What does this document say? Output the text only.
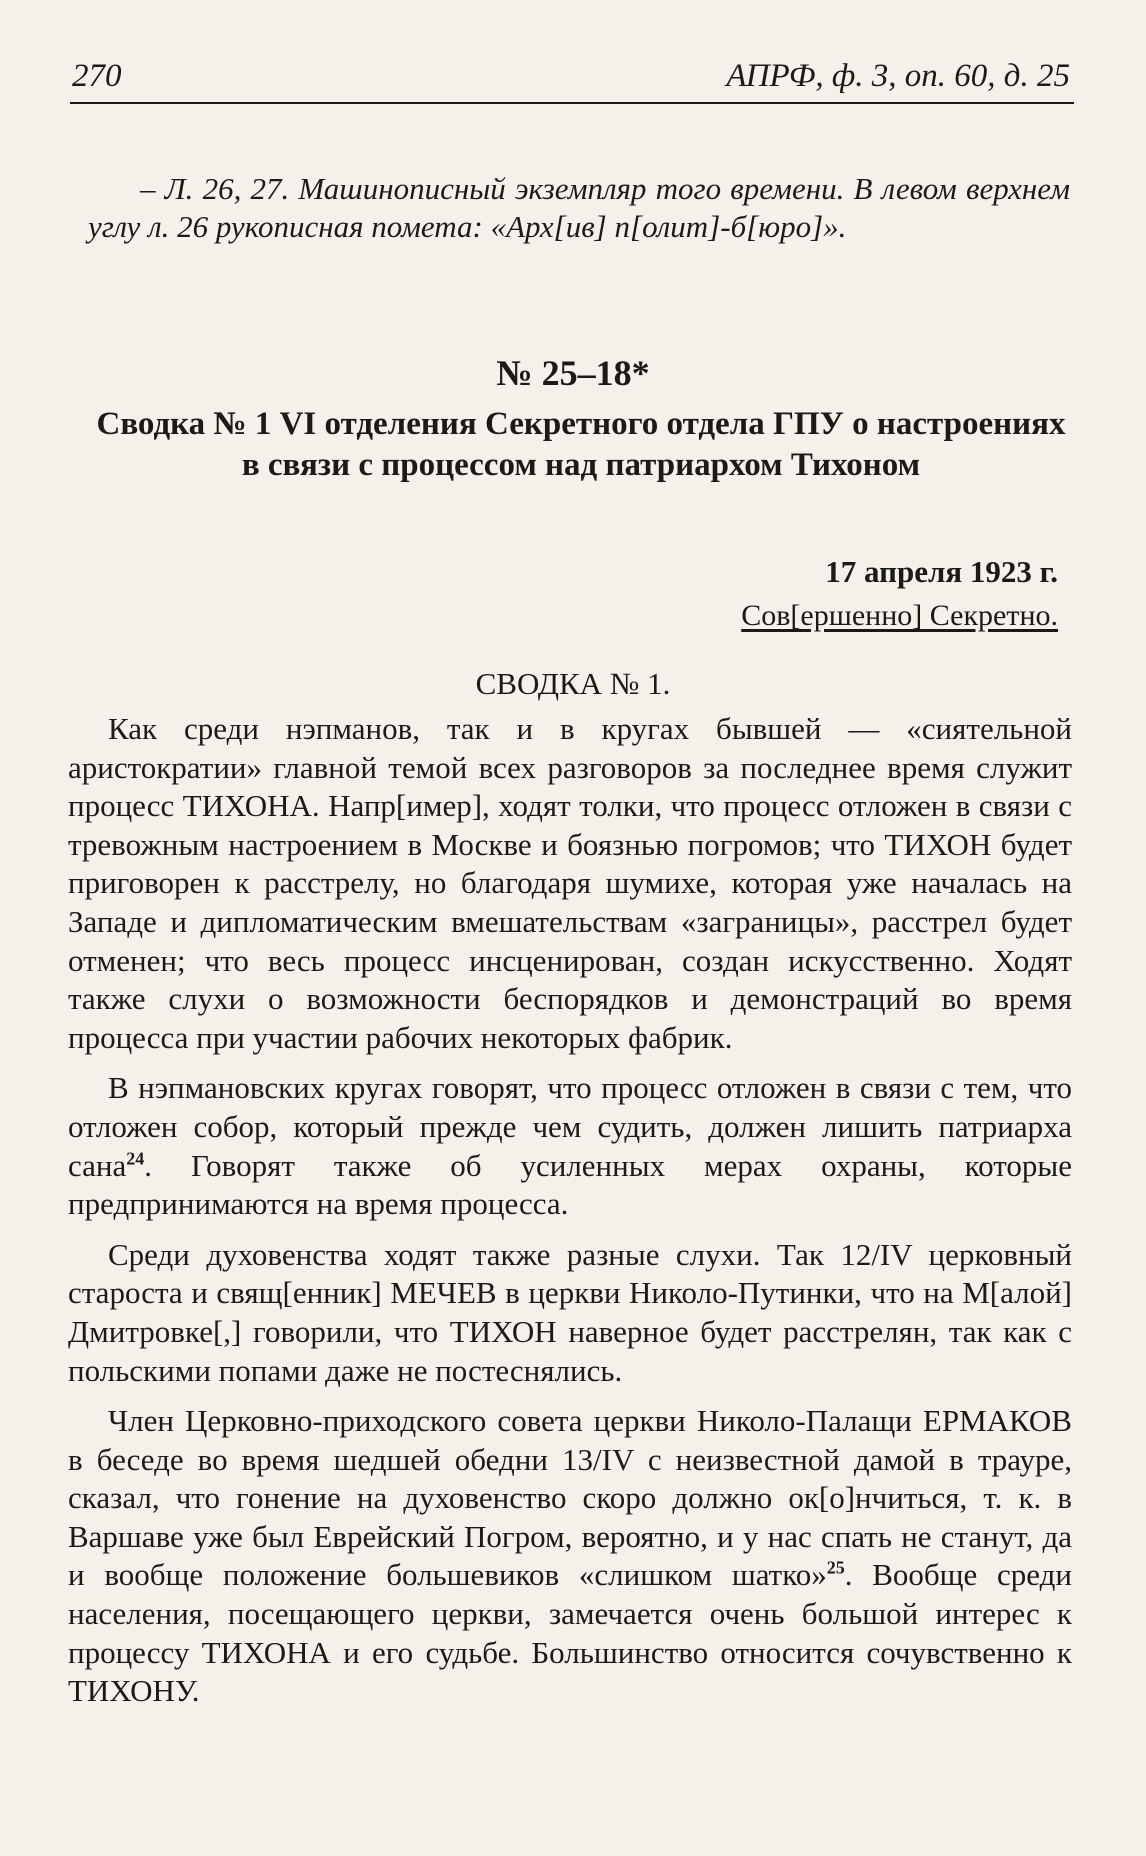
270	АПРФ, ф. 3, оп. 60, д. 25
– Л. 26, 27. Машинописный экземпляр того времени. В левом верхнем углу л. 26 рукописная помета: «Арх[ив] п[олит]-б[юро]».
№ 25–18*
Сводка № 1 VI отделения Секретного отдела ГПУ о настроениях в связи с процессом над патриархом Тихоном
17 апреля 1923 г.
Сов[ершенно] Секретно.
СВОДКА № 1.

Как среди нэпманов, так и в кругах бывшей — «сиятельной аристократии» главной темой всех разговоров за последнее время служит процесс ТИХОНА. Напр[имер], ходят толки, что процесс отложен в связи с тревожным настроением в Москве и боязнью погромов; что ТИХОН будет приговорен к расстрелу, но благодаря шумихе, которая уже началась на Западе и дипломатическим вмешательствам «заграницы», расстрел будет отменен; что весь процесс инсценирован, создан искусственно. Ходят также слухи о возможности беспорядков и демонстраций во время процесса при участии рабочих некоторых фабрик.

В нэпмановских кругах говорят, что процесс отложен в связи с тем, что отложен собор, который прежде чем судить, должен лишить патриарха сана$^{24}$. Говорят также об усиленных мерах охраны, которые предпринимаются на время процесса.

Среди духовенства ходят также разные слухи. Так 12/IV церковный староста и свящ[енник] МЕЧЕВ в церкви Николо-Путинки, что на М[алой] Дмитровке[,] говорили, что ТИХОН наверное будет расстрелян, так как с польскими попами даже не постеснялись.

Член Церковно-приходского совета церкви Николо-Палащи ЕРМАКОВ в беседе во время шедшей обедни 13/IV с неизвестной дамой в трауре, сказал, что гонение на духовенство скоро должно ок[о]нчиться, т. к. в Варшаве уже был Еврейский Погром, вероятно, и у нас спать не станут, да и вообще положение большевиков «слишком шатко»$^{25}$. Вообще среди населения, посещающего церкви, замечается очень большой интерес к процессу ТИХОНА и его судьбе. Большинство относится сочувственно к ТИХОНУ.
